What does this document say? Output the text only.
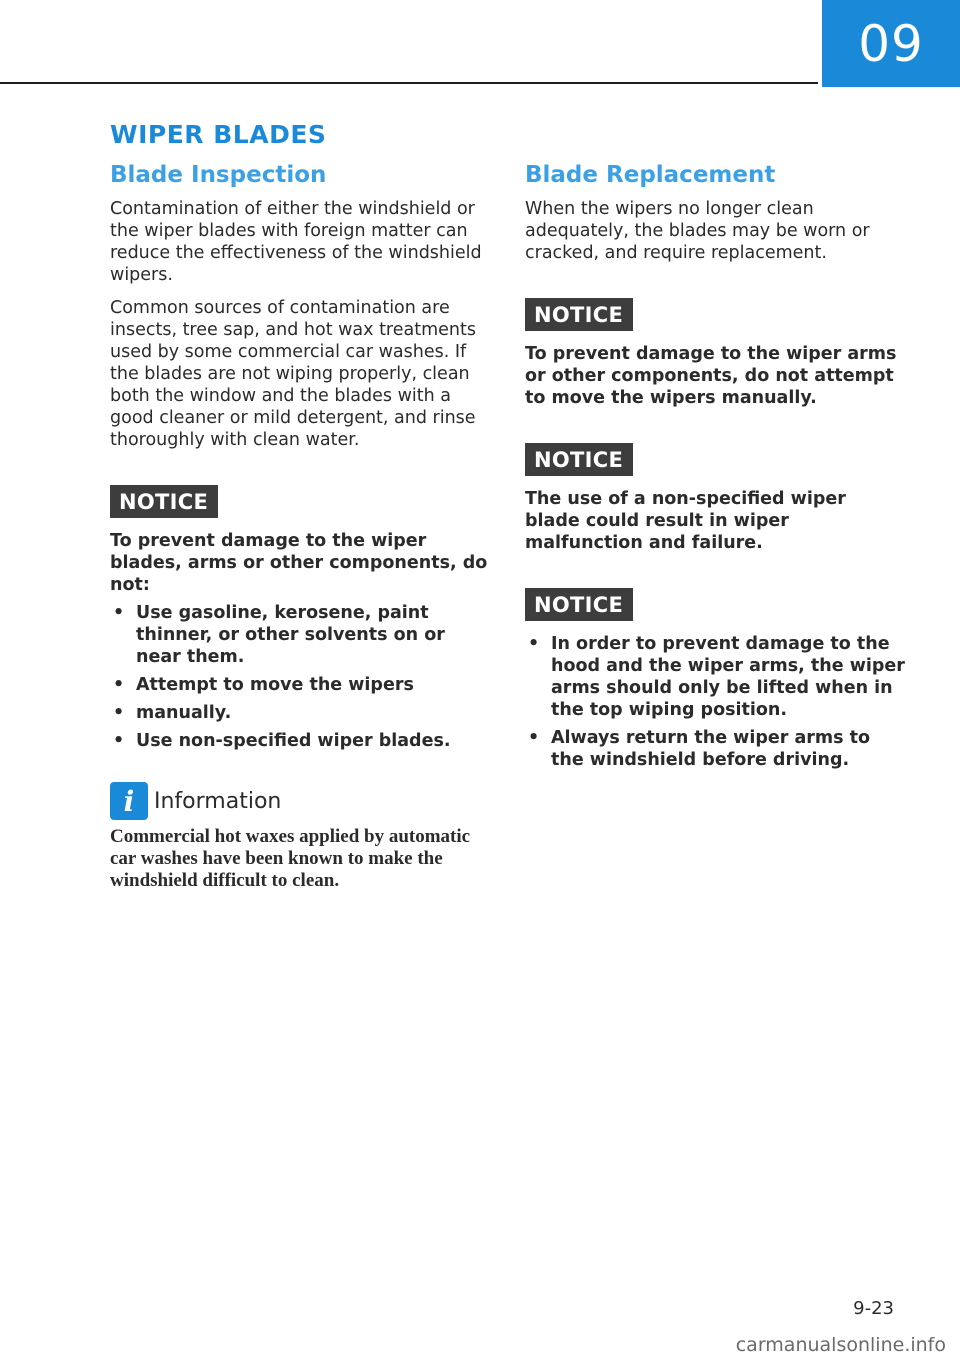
09
WIPER BLADES
Blade Inspection

Contamination of either the windshield or the wiper blades with foreign matter can reduce the effectiveness of the windshield wipers.

Common sources of contamination are insects, tree sap, and hot wax treatments used by some commercial car washes. If the blades are not wiping properly, clean both the window and the blades with a good cleaner or mild detergent, and rinse thoroughly with clean water.

NOTICE

To prevent damage to the wiper blades, arms or other components, do not:

• Use gasoline, kerosene, paint thinner, or other solvents on or near them.
• Attempt to move the wipers
• manually.
• Use non-specified wiper blades.
i Information

Commercial hot waxes applied by automatic car washes have been known to make the windshield difficult to clean.

Blade Replacement

When the wipers no longer clean adequately, the blades may be worn or cracked, and require replacement.

NOTICE

To prevent damage to the wiper arms or other components, do not attempt to move the wipers manually.

NOTICE

The use of a non-specified wiper blade could result in wiper malfunction and failure.

NOTICE
• In order to prevent damage to the hood and the wiper arms, the wiper arms should only be lifted when in the top wiping position.
• Always return the wiper arms to the windshield before driving.
9-23
carmanualsonline.info
